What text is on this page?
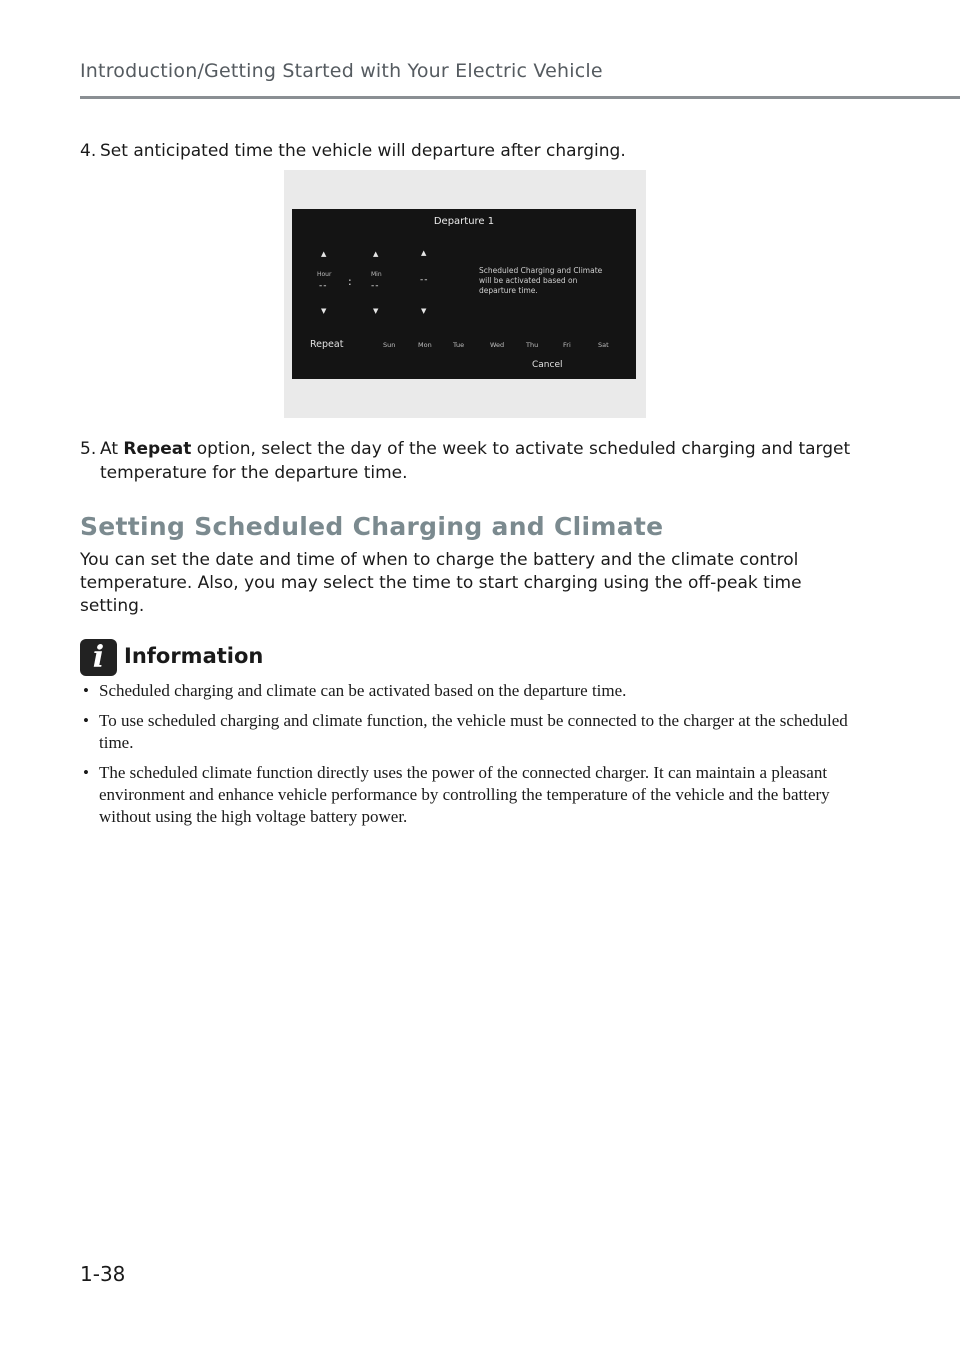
Introduction/Getting Started with Your Electric Vehicle
4. Set anticipated time the vehicle will departure after charging.
Departure 1
▲	▲	▲
Hour	Min
-- : --
--
▼	▼	▼
Scheduled Charging and Climate
will be activated based on
departure time.
Repeat	Sun	Mon	Tue	Wed	Thu	Fri	Sat
Cancel
5. At Repeat option, select the day of the week to activate scheduled charging and target
temperature for the departure time.
Setting Scheduled Charging and Climate
You can set the date and time of when to charge the battery and the climate control temperature. Also, you may select the time to start charging using the off-peak time setting.
i Information
• Scheduled charging and climate can be activated based on the departure time.
• To use scheduled charging and climate function, the vehicle must be connected to the charger at the scheduled time.
• The scheduled climate function directly uses the power of the connected charger. It can maintain a pleasant environment and enhance vehicle performance by controlling the temperature of the vehicle and the battery without using the high voltage battery power.
1-38
